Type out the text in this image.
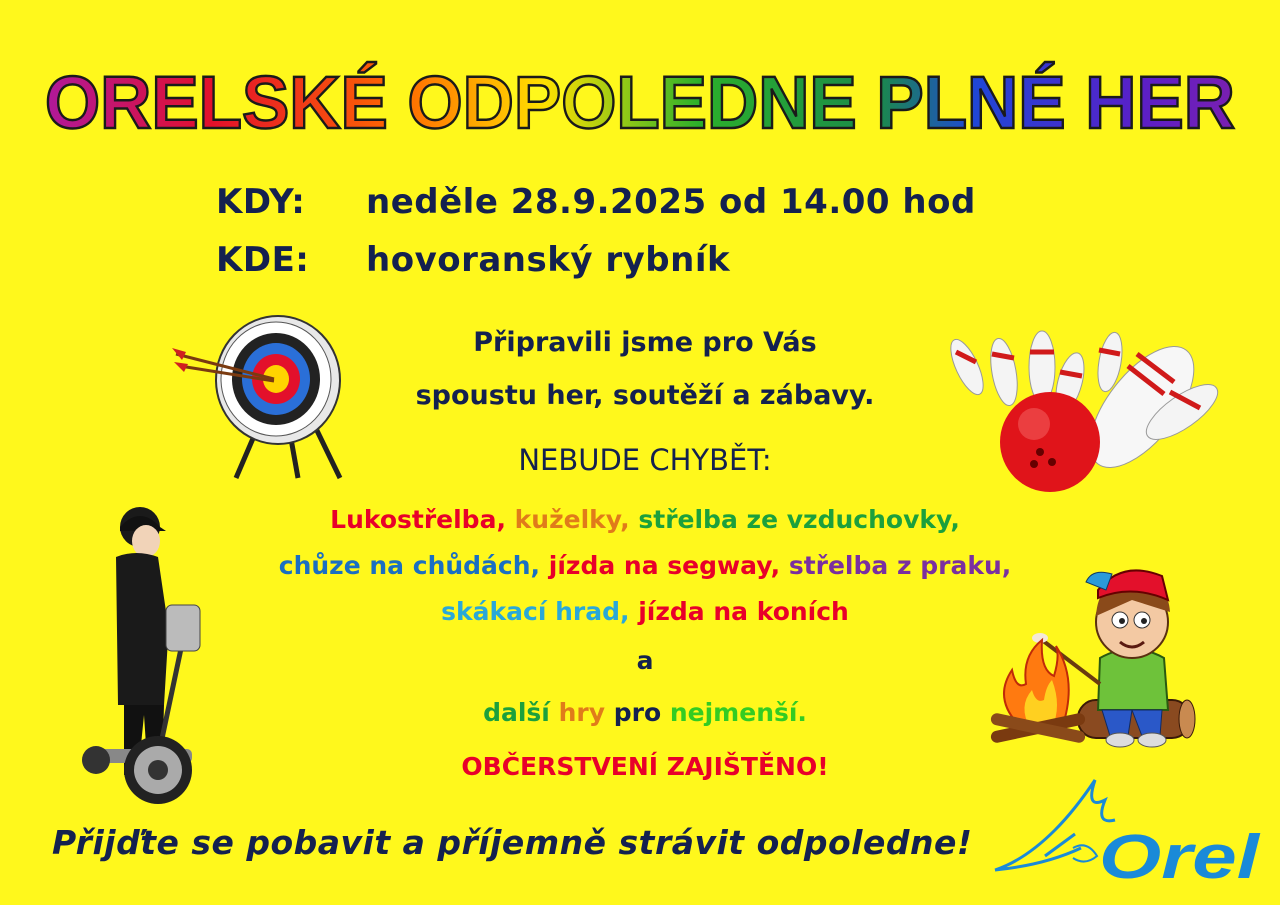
ORELSKÉ ODPOLEDNE PLNÉ HER
KDY: neděle 28.9.2025 od 14.00 hod
KDE: hovoranský rybník
Připravili jsme pro Vás
spoustu her, soutěží a zábavy.
NEBUDE CHYBĚT:
Lukostřelba, kuželky, střelba ze vzduchovky,
chůze na chůdách, jízda na segway, střelba z praku,
skákací hrad, jízda na koních
a
další hry pro nejmenší.
OBČERSTVENÍ ZAJIŠTĚNO!
Přijďte se pobavit a příjemně strávit odpoledne! Orel
